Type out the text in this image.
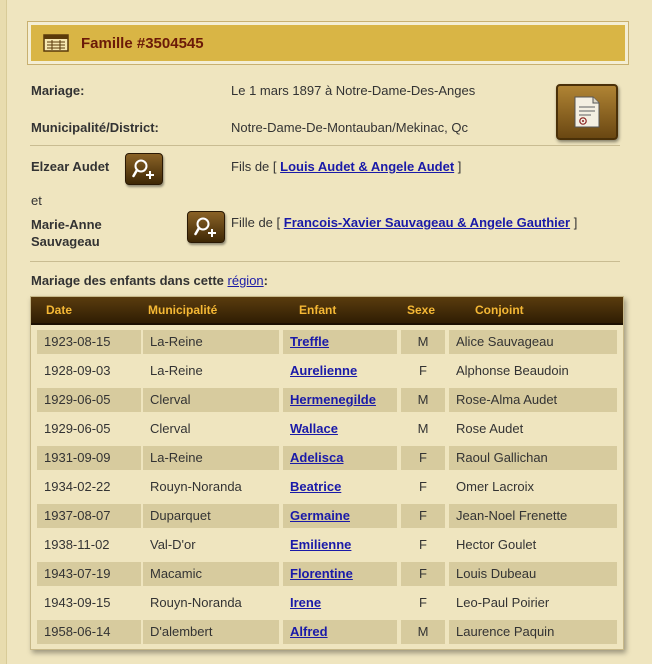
Famille #3504545
Mariage:	Le 1 mars 1897 à Notre-Dame-Des-Anges
Municipalité/District:	Notre-Dame-De-Montauban/Mekinac, Qc
Elzear Audet	Fils de [ Louis Audet & Angele Audet ]
et
Marie-Anne
Sauvageau
Fille de [ Francois-Xavier Sauvageau & Angele Gauthier ]
Mariage des enfants dans cette région:
Date	Municipalité	Enfant	Sexe	Conjoint
1923-08-15	La-Reine	Treffle	M	Alice Sauvageau
1928-09-03	La-Reine	Aurelienne	F	Alphonse Beaudoin
1929-06-05	Clerval	Hermenegilde	M	Rose-Alma Audet
1929-06-05	Clerval	Wallace	M	Rose Audet
1931-09-09	La-Reine	Adelisca	F	Raoul Gallichan
1934-02-22	Rouyn-Noranda	Beatrice	F	Omer Lacroix
1937-08-07	Duparquet	Germaine	F	Jean-Noel Frenette
1938-11-02	Val-D'or	Emilienne	F	Hector Goulet
1943-07-19	Macamic	Florentine	F	Louis Dubeau
1943-09-15	Rouyn-Noranda	Irene	F	Leo-Paul Poirier
1958-06-14	D'alembert	Alfred	M	Laurence Paquin
